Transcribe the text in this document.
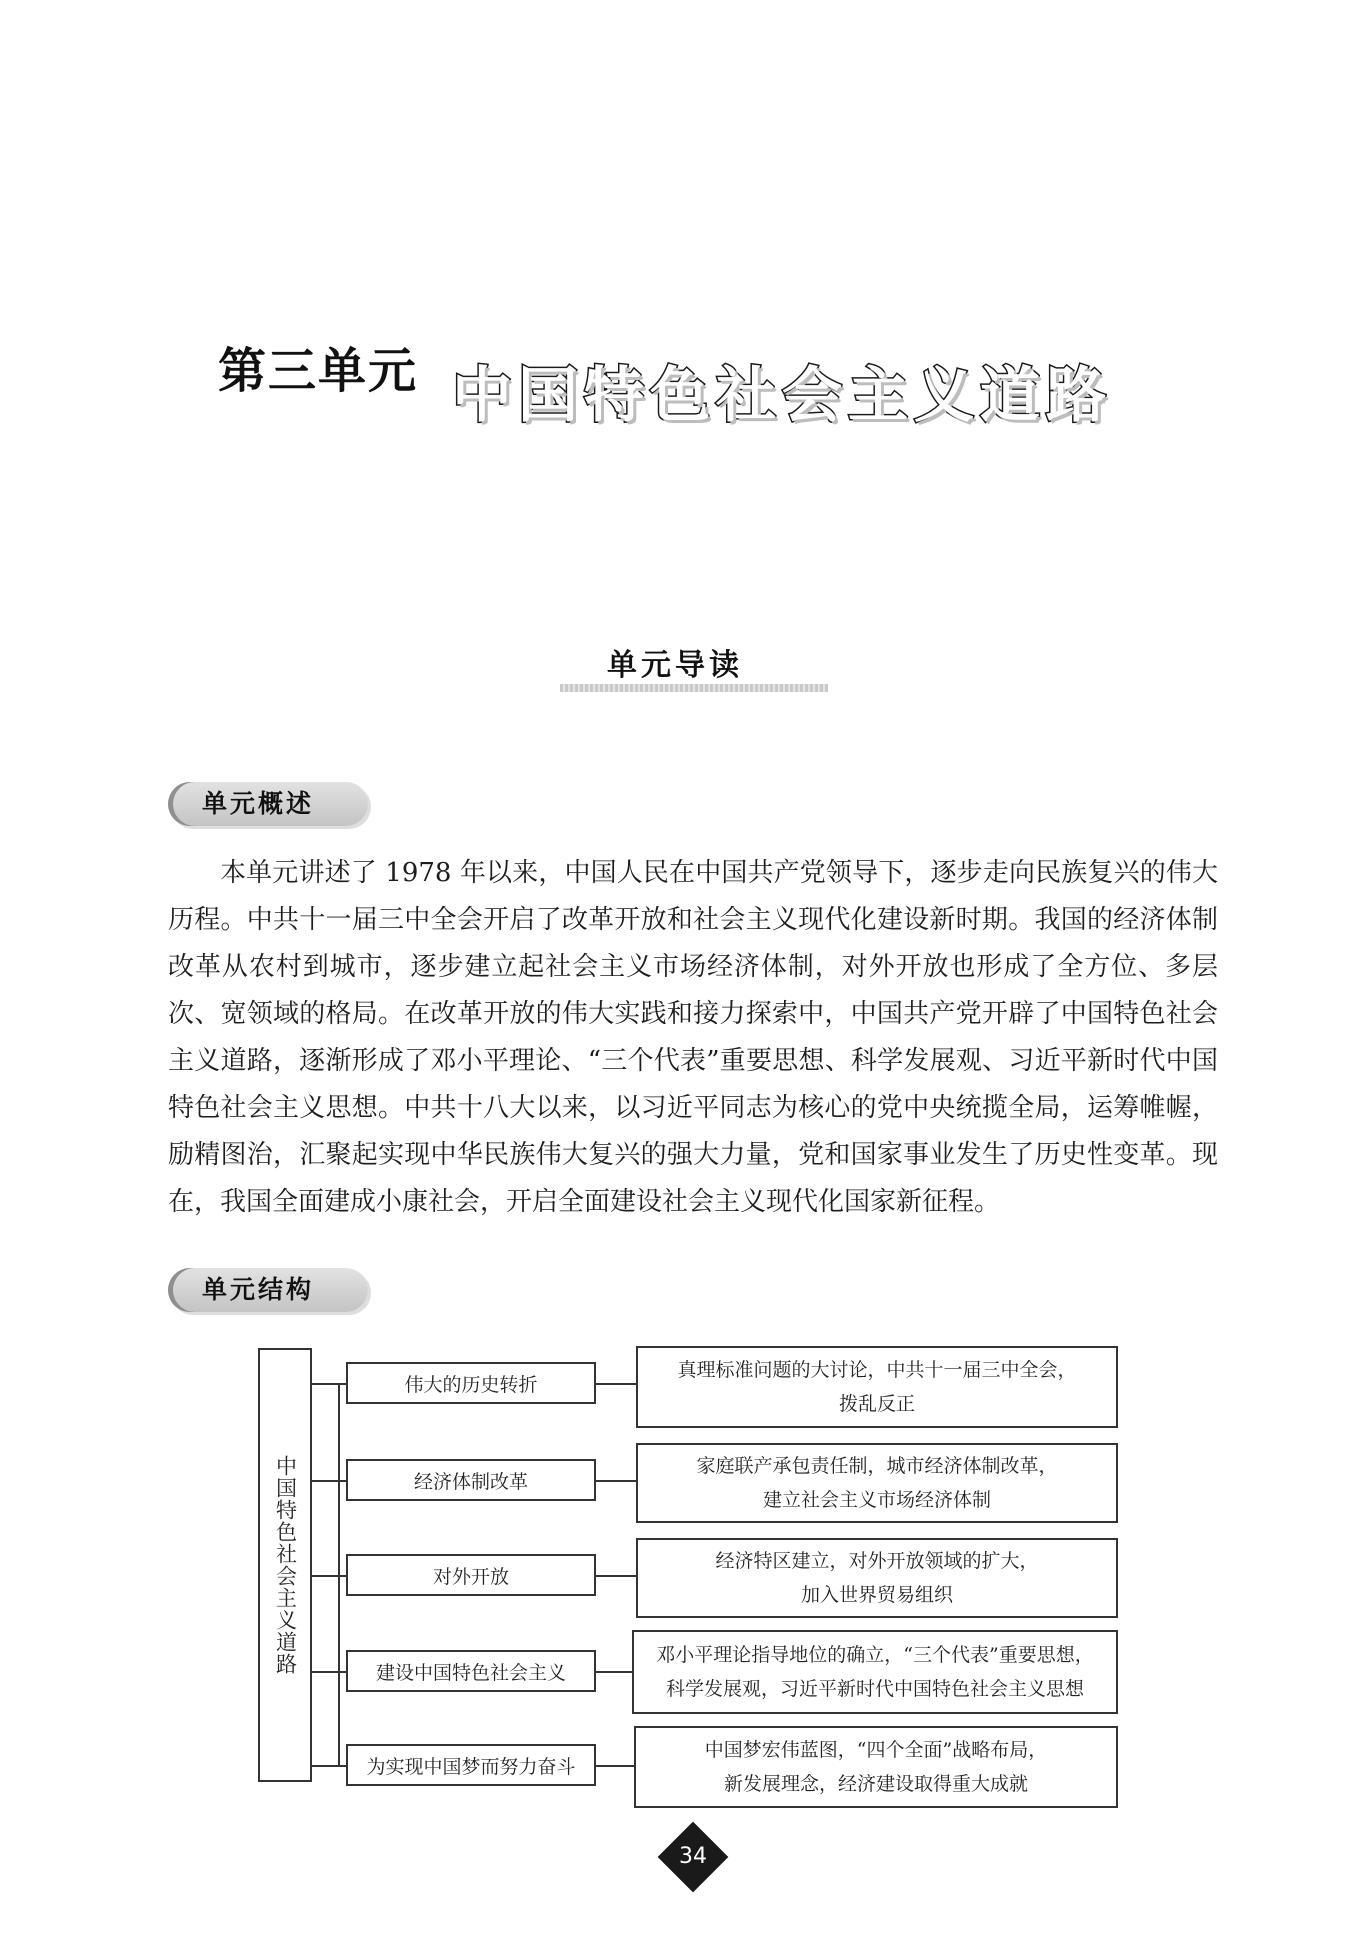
第三单元 中国特色社会主义道路
单元导读
单元概述

本单元讲述了 1978 年以来，中国人民在中国共产党领导下，逐步走向民族复兴的伟大历程。中共十一届三中全会开启了改革开放和社会主义现代化建设新时期。我国的经济体制改革从农村到城市，逐步建立起社会主义市场经济体制，对外开放也形成了全方位、多层次、宽领域的格局。在改革开放的伟大实践和接力探索中，中国共产党开辟了中国特色社会主义道路，逐渐形成了邓小平理论、“三个代表”重要思想、科学发展观、习近平新时代中国特色社会主义思想。中共十八大以来，以习近平同志为核心的党中央统揽全局，运筹帷幄，励精图治，汇聚起实现中华民族伟大复兴的强大力量，党和国家事业发生了历史性变革。现在，我国全面建成小康社会，开启全面建设社会主义现代化国家新征程。

单元结构
中国特色社会主义道路
伟大的历史转折
真理标准问题的大讨论，中共十一届三中全会，
拨乱反正
经济体制改革
家庭联产承包责任制，城市经济体制改革，
建立社会主义市场经济体制
对外开放
经济特区建立，对外开放领域的扩大，
加入世界贸易组织
建设中国特色社会主义
邓小平理论指导地位的确立，“三个代表”重要思想，
科学发展观，习近平新时代中国特色社会主义思想
为实现中国梦而努力奋斗
中国梦宏伟蓝图，“四个全面”战略布局，
新发展理念，经济建设取得重大成就
34
